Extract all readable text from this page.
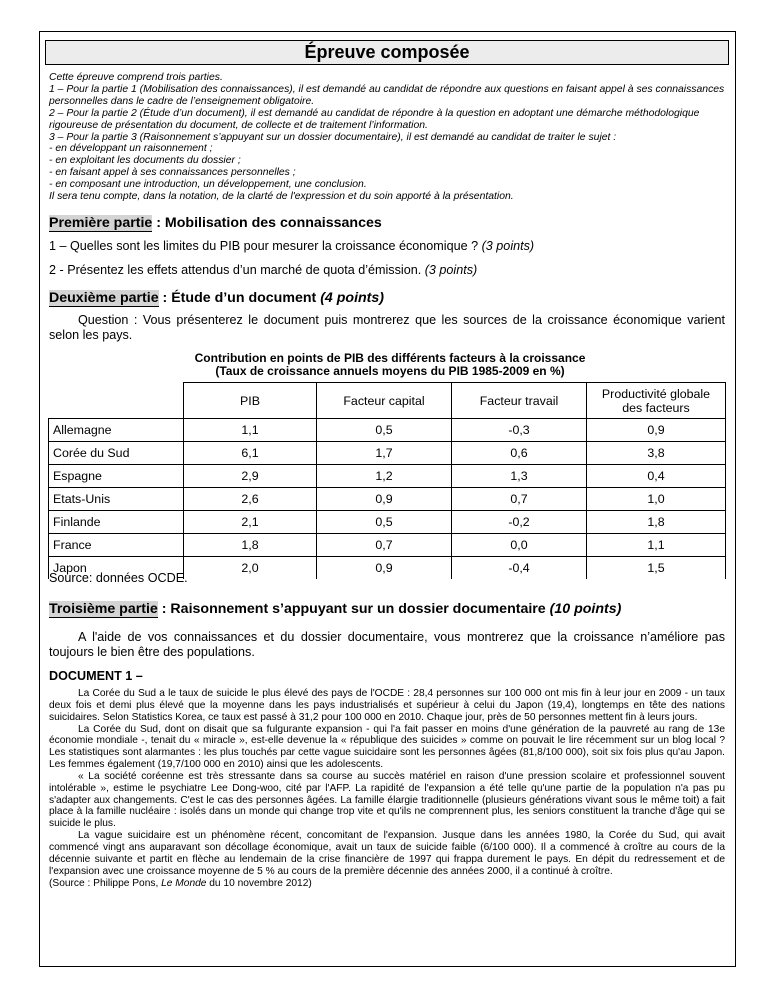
Épreuve composée

Cette épreuve comprend trois parties.

1 – Pour la partie 1 (Mobilisation des connaissances), il est demandé au candidat de répondre aux questions en faisant appel à ses connaissances personnelles dans le cadre de l’enseignement obligatoire.

2 – Pour la partie 2 (Étude d’un document), il est demandé au candidat de répondre à la question en adoptant une démarche méthodologique rigoureuse de présentation du document, de collecte et de traitement l’information.

3 – Pour la partie 3 (Raisonnement s’appuyant sur un dossier documentaire), il est demandé au candidat de traiter le sujet :

- en développant un raisonnement ;

- en exploitant les documents du dossier ;

- en faisant appel à ses connaissances personnelles ;

- en composant une introduction, un développement, une conclusion.

Il sera tenu compte, dans la notation, de la clarté de l'expression et du soin apporté à la présentation.

Première partie : Mobilisation des connaissances
1 – Quelles sont les limites du PIB pour mesurer la croissance économique ? (3 points)
2 - Présentez les effets attendus d’un marché de quota d’émission. (3 points)
Deuxième partie : Étude d’un document (4 points)
Question : Vous présenterez le document puis montrerez que les sources de la croissance économique varient selon les pays.
Contribution en points de PIB des différents facteurs à la croissance
(Taux de croissance annuels moyens du PIB 1985-2009 en %)
	PIB	Facteur capital	Facteur travail	Productivité globale des facteurs
Allemagne	1,1	0,5	-0,3	0,9
Corée du Sud	6,1	1,7	0,6	3,8
Espagne	2,9	1,2	1,3	0,4
Etats-Unis	2,6	0,9	0,7	1,0
Finlande	2,1	0,5	-0,2	1,8
France	1,8	0,7	0,0	1,1
Japon	2,0	0,9	-0,4	1,5
Source: données OCDE.
Troisième partie : Raisonnement s’appuyant sur un dossier documentaire (10 points)
A l'aide de vos connaissances et du dossier documentaire, vous montrerez que la croissance n’améliore pas toujours le bien être des populations.
DOCUMENT 1 –

La Corée du Sud a le taux de suicide le plus élevé des pays de l'OCDE : 28,4 personnes sur 100 000 ont mis fin à leur jour en 2009 - un taux deux fois et demi plus élevé que la moyenne dans les pays industrialisés et supérieur à celui du Japon (19,4), longtemps en tête des nations suicidaires. Selon Statistics Korea, ce taux est passé à 31,2 pour 100 000 en 2010. Chaque jour, près de 50 personnes mettent fin à leurs jours.

La Corée du Sud, dont on disait que sa fulgurante expansion - qui l'a fait passer en moins d'une génération de la pauvreté au rang de 13e économie mondiale -, tenait du « miracle », est-elle devenue la « république des suicides » comme on pouvait le lire récemment sur un blog local ? Les statistiques sont alarmantes : les plus touchés par cette vague suicidaire sont les personnes âgées (81,8/100 000), soit six fois plus qu'au Japon. Les femmes également (19,7/100 000 en 2010) ainsi que les adolescents.

« La société coréenne est très stressante dans sa course au succès matériel en raison d'une pression scolaire et professionnel souvent intolérable », estime le psychiatre Lee Dong-woo, cité par l'AFP. La rapidité de l'expansion a été telle qu'une partie de la population n'a pas pu s'adapter aux changements. C'est le cas des personnes âgées. La famille élargie traditionnelle (plusieurs générations vivant sous le même toit) a fait place à la famille nucléaire : isolés dans un monde qui change trop vite et qu'ils ne comprennent plus, les seniors constituent la tranche d'âge qui se suicide le plus.

La vague suicidaire est un phénomène récent, concomitant de l'expansion. Jusque dans les années 1980, la Corée du Sud, qui avait commencé vingt ans auparavant son décollage économique, avait un taux de suicide faible (6/100 000). Il a commencé à croître au cours de la décennie suivante et partit en flèche au lendemain de la crise financière de 1997 qui frappa durement le pays. En dépit du redressement et de l'expansion avec une croissance moyenne de 5 % au cours de la première décennie des années 2000, il a continué à croître.

(Source : Philippe Pons, Le Monde du 10 novembre 2012)
